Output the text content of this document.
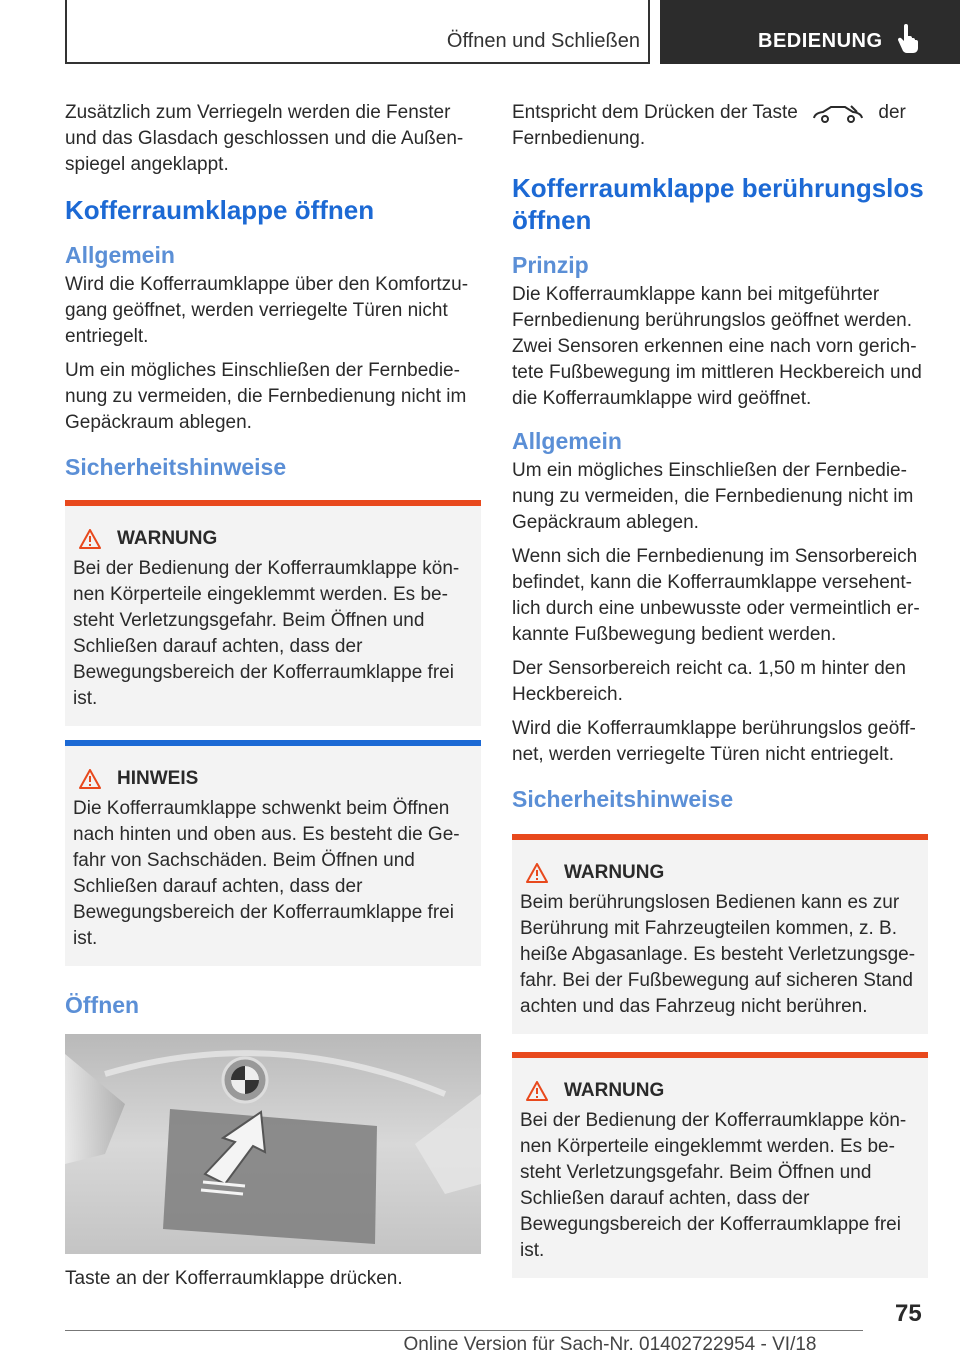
Öffnen und Schließen	BEDIENUNG

Zusätzlich zum Verriegeln werden die Fenster und das Glasdach geschlossen und die Außenspiegel angeklappt.

Kofferraumklappe öffnen
Allgemein

Wird die Kofferraumklappe über den Komfortzugang geöffnet, werden verriegelte Türen nicht entriegelt.

Um ein mögliches Einschließen der Fernbedienung zu vermeiden, die Fernbedienung nicht im Gepäckraum ablegen.

Sicherheitshinweise
WARNUNG

Bei der Bedienung der Kofferraumklappe können Körperteile eingeklemmt werden. Es besteht Verletzungsgefahr. Beim Öffnen und Schließen darauf achten, dass der Bewegungsbereich der Kofferraumklappe frei ist.

HINWEIS

Die Kofferraumklappe schwenkt beim Öffnen nach hinten und oben aus. Es besteht die Gefahr von Sachschäden. Beim Öffnen und Schließen darauf achten, dass der Bewegungsbereich der Kofferraumklappe frei ist.

Öffnen

Taste an der Kofferraumklappe drücken.

Entspricht dem Drücken der Taste	der Fernbedienung.

Kofferraumklappe berührungslos öffnen
Prinzip

Die Kofferraumklappe kann bei mitgeführter Fernbedienung berührungslos geöffnet werden. Zwei Sensoren erkennen eine nach vorn gerichtete Fußbewegung im mittleren Heckbereich und die Kofferraumklappe wird geöffnet.

Allgemein

Um ein mögliches Einschließen der Fernbedienung zu vermeiden, die Fernbedienung nicht im Gepäckraum ablegen.

Wenn sich die Fernbedienung im Sensorbereich befindet, kann die Kofferraumklappe versehentlich durch eine unbewusste oder vermeintlich erkannte Fußbewegung bedient werden.

Der Sensorbereich reicht ca. 1,50 m hinter den Heckbereich.

Wird die Kofferraumklappe berührungslos geöffnet, werden verriegelte Türen nicht entriegelt.

Sicherheitshinweise
WARNUNG

Beim berührungslosen Bedienen kann es zur Berührung mit Fahrzeugteilen kommen, z. B. heiße Abgasanlage. Es besteht Verletzungsgefahr. Bei der Fußbewegung auf sicheren Stand achten und das Fahrzeug nicht berühren.

WARNUNG

Bei der Bedienung der Kofferraumklappe können Körperteile eingeklemmt werden. Es besteht Verletzungsgefahr. Beim Öffnen und Schließen darauf achten, dass der Bewegungsbereich der Kofferraumklappe frei ist.

75
Online Version für Sach-Nr. 01402722954 - VI/18
